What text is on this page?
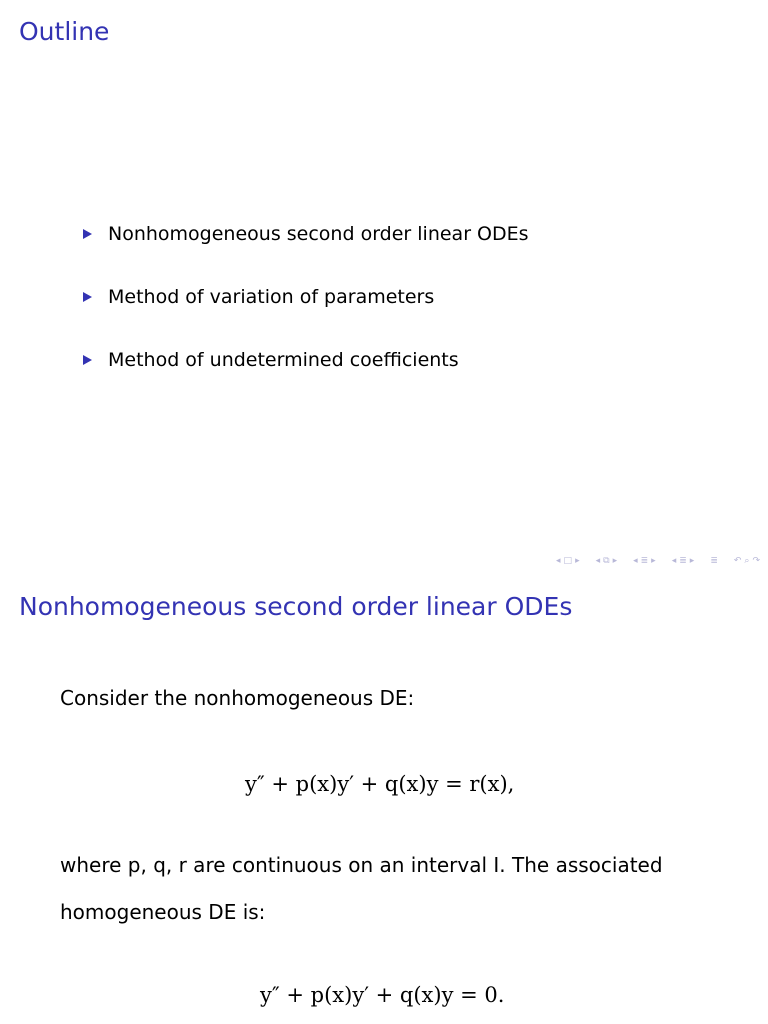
Outline
Nonhomogeneous second order linear ODEs
Method of variation of parameters
Method of undetermined coefficients
◂ □ ▸ ◂ ⧉ ▸ ◂ ≣ ▸ ◂ ≣ ▸ ≣ ↶ ⌕ ↷
Nonhomogeneous second order linear ODEs
Consider the nonhomogeneous DE:
y″ + p(x)y′ + q(x)y = r(x),
where p, q, r are continuous on an interval I. The associated
homogeneous DE is:
y″ + p(x)y′ + q(x)y = 0.
